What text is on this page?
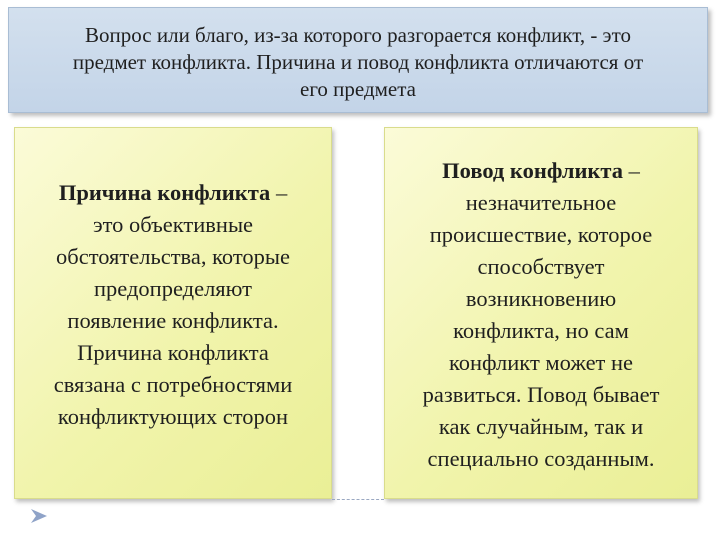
Вопрос или благо, из-за которого разгорается конфликт, - это
предмет конфликта. Причина и повод конфликта отличаются от
его предмета

Причина конфликта –

это объективные

обстоятельства, которые

предопределяют

появление конфликта.

Причина конфликта

связана с потребностями

конфликтующих сторон

Повод конфликта –

незначительное

происшествие, которое

способствует

возникновению

конфликта, но сам

конфликт может не

развиться. Повод бывает

как случайным, так и

специально созданным.
